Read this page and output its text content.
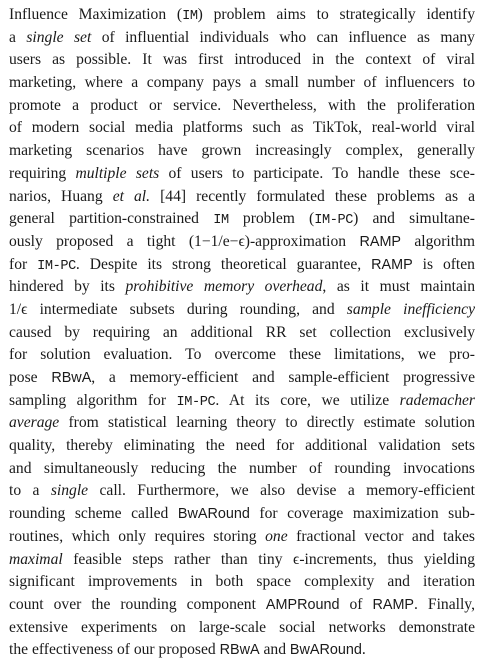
Influence Maximization (IM) problem aims to strategically identify
a single set of influential individuals who can influence as many
users as possible. It was first introduced in the context of viral
marketing, where a company pays a small number of influencers to
promote a product or service. Nevertheless, with the proliferation
of modern social media platforms such as TikTok, real-world viral
marketing scenarios have grown increasingly complex, generally
requiring multiple sets of users to participate. To handle these sce-
narios, Huang et al. [44] recently formulated these problems as a
general partition-constrained IM problem (IM-PC) and simultane-
ously proposed a tight (1−1/e−ϵ)-approximation RAMP algorithm
for IM-PC. Despite its strong theoretical guarantee, RAMP is often
hindered by its prohibitive memory overhead, as it must maintain
1/ϵ intermediate subsets during rounding, and sample inefficiency
caused by requiring an additional RR set collection exclusively
for solution evaluation. To overcome these limitations, we pro-
pose RBwA, a memory-efficient and sample-efficient progressive
sampling algorithm for IM-PC. At its core, we utilize rademacher
average from statistical learning theory to directly estimate solution
quality, thereby eliminating the need for additional validation sets
and simultaneously reducing the number of rounding invocations
to a single call. Furthermore, we also devise a memory-efficient
rounding scheme called BwARound for coverage maximization sub-
routines, which only requires storing one fractional vector and takes
maximal feasible steps rather than tiny ϵ-increments, thus yielding
significant improvements in both space complexity and iteration
count over the rounding component AMPRound of RAMP. Finally,
extensive experiments on large-scale social networks demonstrate
the effectiveness of our proposed RBwA and BwARound.
